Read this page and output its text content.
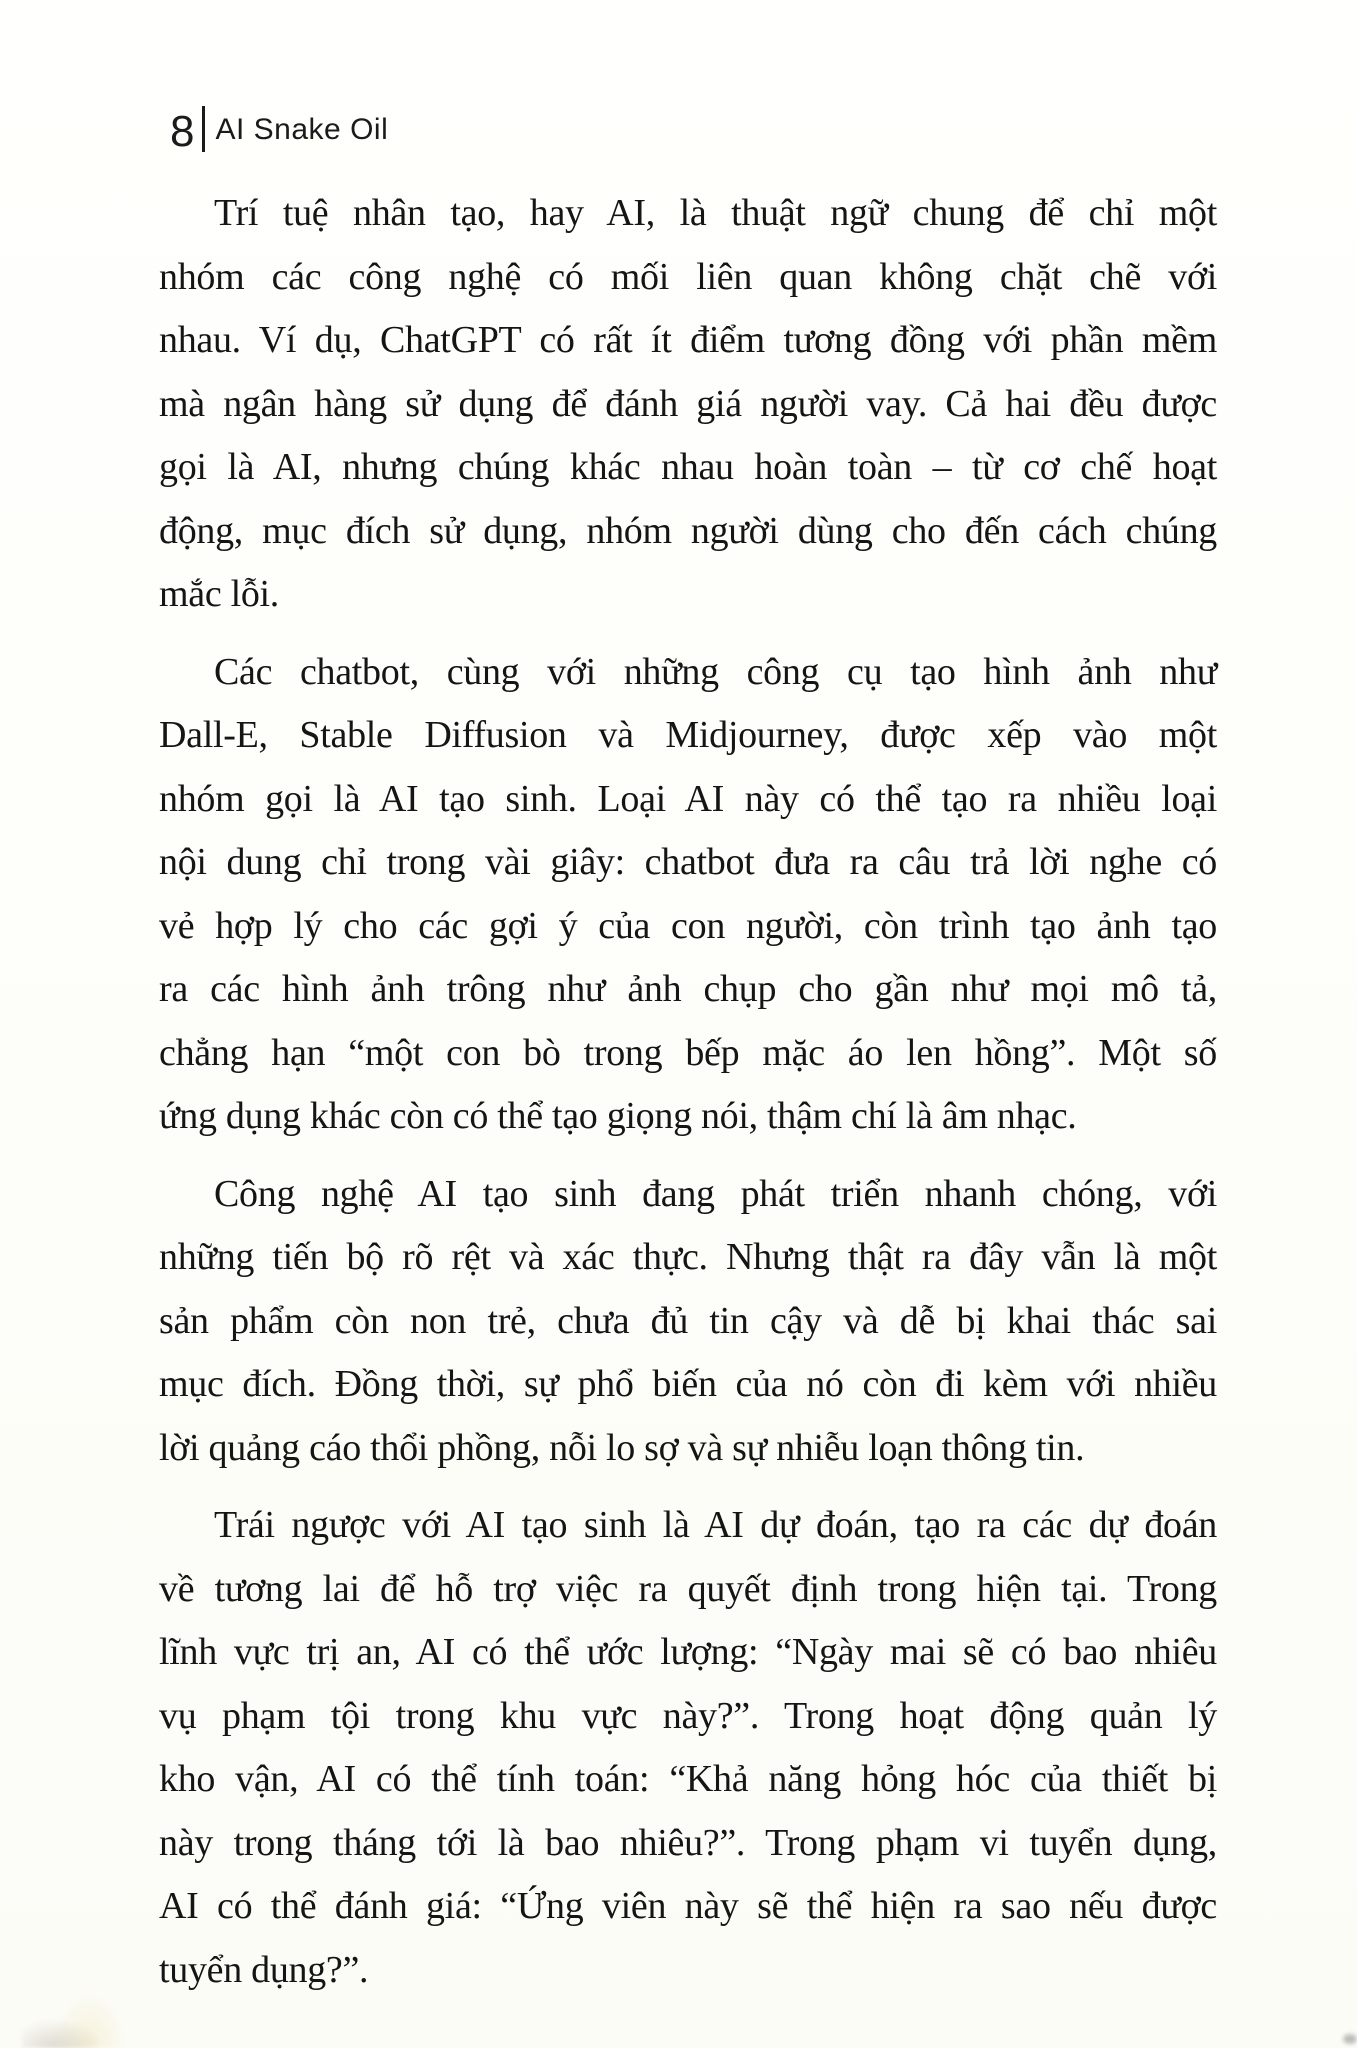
8 AI Snake Oil
Trí tuệ nhân tạo, hay AI, là thuật ngữ chung để chỉ một
nhóm các công nghệ có mối liên quan không chặt chẽ với
nhau. Ví dụ, ChatGPT có rất ít điểm tương đồng với phần mềm
mà ngân hàng sử dụng để đánh giá người vay. Cả hai đều được
gọi là AI, nhưng chúng khác nhau hoàn toàn – từ cơ chế hoạt
động, mục đích sử dụng, nhóm người dùng cho đến cách chúng
mắc lỗi.
Các chatbot, cùng với những công cụ tạo hình ảnh như
Dall-E, Stable Diffusion và Midjourney, được xếp vào một
nhóm gọi là AI tạo sinh. Loại AI này có thể tạo ra nhiều loại
nội dung chỉ trong vài giây: chatbot đưa ra câu trả lời nghe có
vẻ hợp lý cho các gợi ý của con người, còn trình tạo ảnh tạo
ra các hình ảnh trông như ảnh chụp cho gần như mọi mô tả,
chẳng hạn “một con bò trong bếp mặc áo len hồng”. Một số
ứng dụng khác còn có thể tạo giọng nói, thậm chí là âm nhạc.
Công nghệ AI tạo sinh đang phát triển nhanh chóng, với
những tiến bộ rõ rệt và xác thực. Nhưng thật ra đây vẫn là một
sản phẩm còn non trẻ, chưa đủ tin cậy và dễ bị khai thác sai
mục đích. Đồng thời, sự phổ biến của nó còn đi kèm với nhiều
lời quảng cáo thổi phồng, nỗi lo sợ và sự nhiễu loạn thông tin.
Trái ngược với AI tạo sinh là AI dự đoán, tạo ra các dự đoán
về tương lai để hỗ trợ việc ra quyết định trong hiện tại. Trong
lĩnh vực trị an, AI có thể ước lượng: “Ngày mai sẽ có bao nhiêu
vụ phạm tội trong khu vực này?”. Trong hoạt động quản lý
kho vận, AI có thể tính toán: “Khả năng hỏng hóc của thiết bị
này trong tháng tới là bao nhiêu?”. Trong phạm vi tuyển dụng,
AI có thể đánh giá: “Ứng viên này sẽ thể hiện ra sao nếu được
tuyển dụng?”.
